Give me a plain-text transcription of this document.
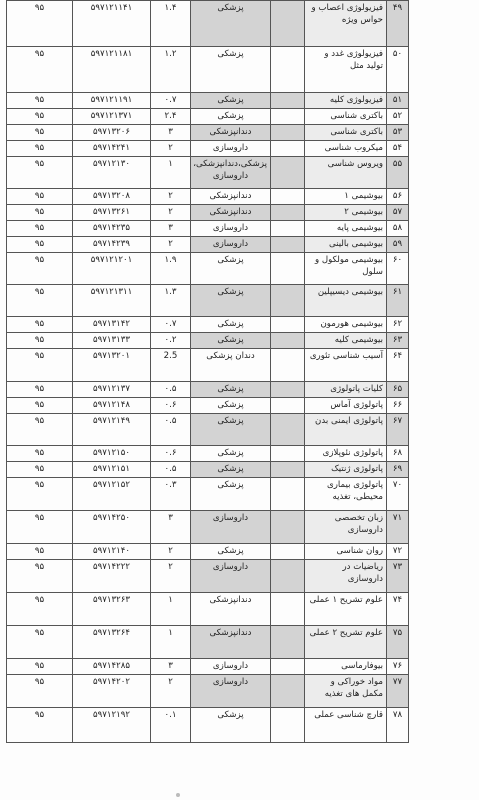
۴۹	فیزیولوژی اعصاب و حواس ویژه		پزشکی	۱.۴	۵۹۷۱۲۱۱۴۱	۹۵
۵۰	فیزیولوژی غدد و تولید مثل		پزشکی	۱.۲	۵۹۷۱۲۱۱۸۱	۹۵
۵۱	فیزیولوژی کلیه		پزشکی	۰.۷	۵۹۷۱۲۱۱۹۱	۹۵
۵۲	باکتری شناسی		پزشکی	۲.۴	۵۹۷۱۲۱۳۷۱	۹۵
۵۳	باکتری شناسی		دندانپزشکی	۳	۵۹۷۱۳۲۰۶	۹۵
۵۴	میکروب شناسی		داروسازی	۲	۵۹۷۱۴۲۴۱	۹۵
۵۵	ویروس شناسی		پزشکی،دندانپزشکی، داروسازی	۱	۵۹۷۱۲۱۳۰	۹۵
۵۶	بیوشیمی ۱		دندانپزشکی	۲	۵۹۷۱۳۲۰۸	۹۵
۵۷	بیوشیمی ۲		دندانپزشکی	۲	۵۹۷۱۳۲۶۱	۹۵
۵۸	بیوشیمی پایه		داروسازی	۳	۵۹۷۱۴۲۳۵	۹۵
۵۹	بیوشیمی بالینی		داروسازی	۲	۵۹۷۱۴۲۳۹	۹۵
۶۰	بیوشیمی مولکول و سلول		پزشکی	۱.۹	۵۹۷۱۲۱۲۰۱	۹۵
۶۱	بیوشیمی دیسیپلین		پزشکی	۱.۳	۵۹۷۱۲۱۳۱۱	۹۵
۶۲	بیوشیمی هورمون		پزشکی	۰.۷	۵۹۷۱۳۱۴۲	۹۵
۶۳	بیوشیمی کلیه		پزشکی	۰.۲	۵۹۷۱۳۱۳۳	۹۵
۶۴	آسیب شناسی تئوری		دندان پزشکی	2.5	۵۹۷۱۳۲۰۱	۹۵
۶۵	کلیات پاتولوژی		پزشکی	۰.۵	۵۹۷۱۲۱۳۷	۹۵
۶۶	پاتولوژی آماس		پزشکی	۰.۶	۵۹۷۱۲۱۴۸	۹۵
۶۷	پاتولوژی ایمنی بدن		پزشکی	۰.۵	۵۹۷۱۲۱۴۹	۹۵
۶۸	پاتولوژی نئوپلازی		پزشکی	۰.۶	۵۹۷۱۲۱۵۰	۹۵
۶۹	پاتولوژی ژنتیک		پزشکی	۰.۵	۵۹۷۱۲۱۵۱	۹۵
۷۰	پاتولوژی بیماری محیطی، تغذیه		پزشکی	۰.۳	۵۹۷۱۲۱۵۲	۹۵
۷۱	زبان تخصصی داروسازی		داروسازی	۳	۵۹۷۱۴۲۵۰	۹۵
۷۲	روان شناسی		پزشکی	۲	۵۹۷۱۲۱۴۰	۹۵
۷۳	ریاضیات در داروسازی		داروسازی	۲	۵۹۷۱۴۲۲۲	۹۵
۷۴	علوم تشریح ۱ عملی		دندانپزشکی	۱	۵۹۷۱۳۲۶۳	۹۵
۷۵	علوم تشریح ۲ عملی		دندانپزشکی	۱	۵۹۷۱۳۲۶۴	۹۵
۷۶	بیوفارماسی		داروسازی	۳	۵۹۷۱۴۲۸۵	۹۵
۷۷	مواد خوراکی و مکمل های تغذیه		داروسازی	۲	۵۹۷۱۴۲۰۲	۹۵
۷۸	قارچ شناسی عملی		پزشکی	۰.۱	۵۹۷۱۲۱۹۲	۹۵
